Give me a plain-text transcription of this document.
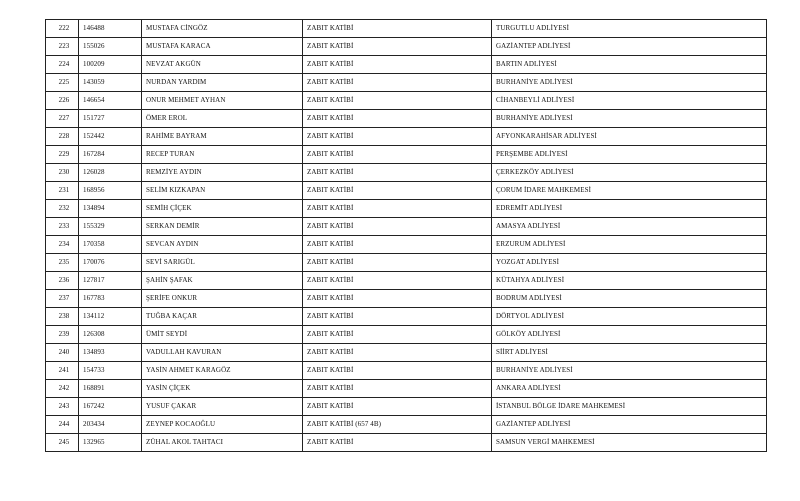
222	146488	MUSTAFA CİNGÖZ	ZABIT KATİBİ	TURGUTLU ADLİYESİ
223	155026	MUSTAFA KARACA	ZABIT KATİBİ	GAZİANTEP ADLİYESİ
224	100209	NEVZAT AKGÜN	ZABIT KATİBİ	BARTIN ADLİYESİ
225	143059	NURDAN YARDIM	ZABIT KATİBİ	BURHANİYE ADLİYESİ
226	146654	ONUR MEHMET AYHAN	ZABIT KATİBİ	CİHANBEYLİ ADLİYESİ
227	151727	ÖMER EROL	ZABIT KATİBİ	BURHANİYE ADLİYESİ
228	152442	RAHİME BAYRAM	ZABIT KATİBİ	AFYONKARAHİSAR ADLİYESİ
229	167284	RECEP TURAN	ZABIT KATİBİ	PERŞEMBE ADLİYESİ
230	126028	REMZİYE AYDIN	ZABIT KATİBİ	ÇERKEZKÖY ADLİYESİ
231	168956	SELİM KIZKAPAN	ZABIT KATİBİ	ÇORUM İDARE MAHKEMESİ
232	134894	SEMİH ÇİÇEK	ZABIT KATİBİ	EDREMİT ADLİYESİ
233	155329	SERKAN DEMİR	ZABIT KATİBİ	AMASYA ADLİYESİ
234	170358	SEVCAN AYDIN	ZABIT KATİBİ	ERZURUM ADLİYESİ
235	170076	SEVİ SARIGÜL	ZABIT KATİBİ	YOZGAT ADLİYESİ
236	127817	ŞAHİN ŞAFAK	ZABIT KATİBİ	KÜTAHYA ADLİYESİ
237	167783	ŞERİFE ONKUR	ZABIT KATİBİ	BODRUM ADLİYESİ
238	134112	TUĞBA KAÇAR	ZABIT KATİBİ	DÖRTYOL ADLİYESİ
239	126308	ÜMİT SEYDİ	ZABIT KATİBİ	GÖLKÖY ADLİYESİ
240	134893	VADULLAH KAVURAN	ZABIT KATİBİ	SİİRT ADLİYESİ
241	154733	YASİN AHMET KARAGÖZ	ZABIT KATİBİ	BURHANİYE ADLİYESİ
242	168891	YASİN ÇİÇEK	ZABIT KATİBİ	ANKARA ADLİYESİ
243	167242	YUSUF ÇAKAR	ZABIT KATİBİ	İSTANBUL BÖLGE İDARE MAHKEMESİ
244	203434	ZEYNEP KOCAOĞLU	ZABIT KATİBİ (657 4B)	GAZİANTEP ADLİYESİ
245	132965	ZÜHAL AKOL TAHTACI	ZABIT KATİBİ	SAMSUN VERGİ MAHKEMESİ
